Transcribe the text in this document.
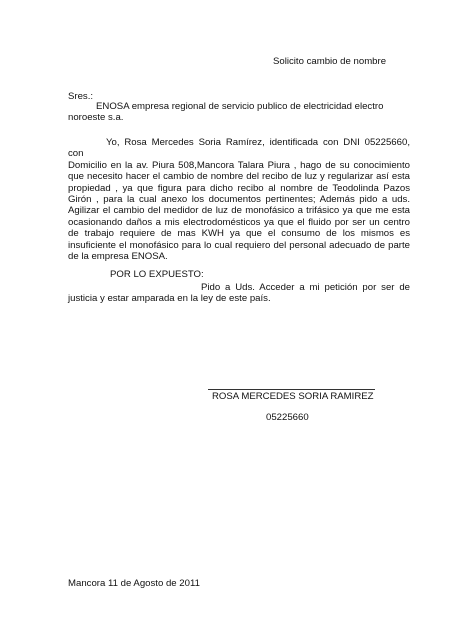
Solicito cambio de nombre
Sres.:
ENOSA empresa regional de servicio publico de electricidad electro noroeste s.a.
Yo, Rosa Mercedes Soria Ramírez, identificada con DNI 05225660, con
Domicilio en la av. Piura 508,Mancora Talara Piura , hago de su conocimiento que necesito hacer el cambio de nombre del recibo de luz y regularizar así esta propiedad , ya que figura para dicho recibo al nombre de Teodolinda Pazos Girón , para la cual anexo los documentos pertinentes; Además pido a uds. Agilizar el cambio del medidor de luz de monofásico a trifásico ya que me esta ocasionando daños a mis electrodomésticos ya que el fluido por ser un centro de trabajo requiere de mas KWH ya que el consumo de los mismos es insuficiente el monofásico para lo cual requiero del personal adecuado de parte de la empresa ENOSA.
POR LO EXPUESTO:
Pido a Uds. Acceder a mi petición por ser de justicia y estar amparada en la ley de este país.
ROSA MERCEDES SORIA RAMIREZ
05225660
Mancora 11 de Agosto de 2011
